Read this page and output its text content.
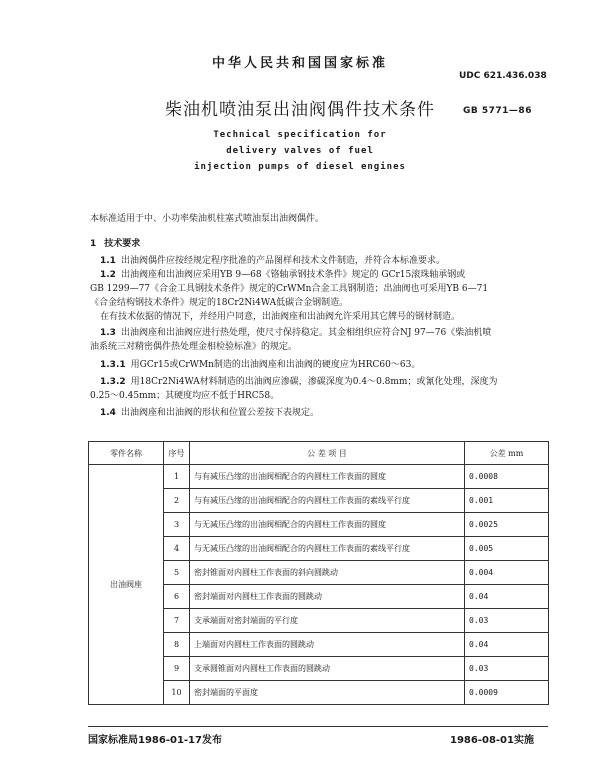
中华人民共和国国家标准
UDC 621.436.038
柴油机喷油泵出油阀偶件技术条件	GB 5771—86
Technical specification for
delivery valves of fuel
injection pumps of diesel engines
本标准适用于中、小功率柴油机柱塞式喷油泵出油阀偶件。
1 技术要求
1.1 出油阀偶件应按经规定程序批准的产品图样和技术文件制造，并符合本标准要求。
1.2 出油阀座和出油阀应采用YB 9—68《铬轴承钢技术条件》规定的 GCr15滚珠轴承钢或
GB 1299—77《合金工具钢技术条件》规定的CrWMn合金工具钢制造；出油阀也可采用YB 6—71
《合金结构钢技术条件》规定的18Cr2Ni4WA低碳合金钢制造。
在有技术依据的情况下，并经用户同意，出油阀座和出油阀允许采用其它牌号的钢材制造。
1.3 出油阀座和出油阀应进行热处理，使尺寸保持稳定。其金相组织应符合NJ 97—76《柴油机喷
油系统三对精密偶件热处理金相检验标准》的规定。
1.3.1 用GCr15或CrWMn制造的出油阀座和出油阀的硬度应为HRC60～63。
1.3.2 用18Cr2Ni4WA材料制造的出油阀应渗碳，渗碳深度为0.4～0.8mm；或氰化处理，深度为
0.25～0.45mm；其硬度均应不低于HRC58。
1.4 出油阀座和出油阀的形状和位置公差按下表规定。
零件名称	序号	公 差 项 目	公差 mm
出油阀座	1	与有减压凸缘的出油阀相配合的内圆柱工作表面的圆度	0.0008
	2	与有减压凸缘的出油阀相配合的内圆柱工作表面的素线平行度	0.001
	3	与无减压凸缘的出油阀相配合的内圆柱工作表面的圆度	0.0025
	4	与无减压凸缘的出油阀相配合的内圆柱工作表面的素线平行度	0.005
	5	密封锥面对内圆柱工作表面的斜向圆跳动	0.004
	6	密封端面对内圆柱工作表面的圆跳动	0.04
	7	支承端面对密封端面的平行度	0.03
	8	上端面对内圆柱工作表面的圆跳动	0.04
	9	支承圆锥面对内圆柱工作表面的圆跳动	0.03
	10	密封端面的平面度	0.0009
国家标准局1986-01-17发布	1986-08-01实施
